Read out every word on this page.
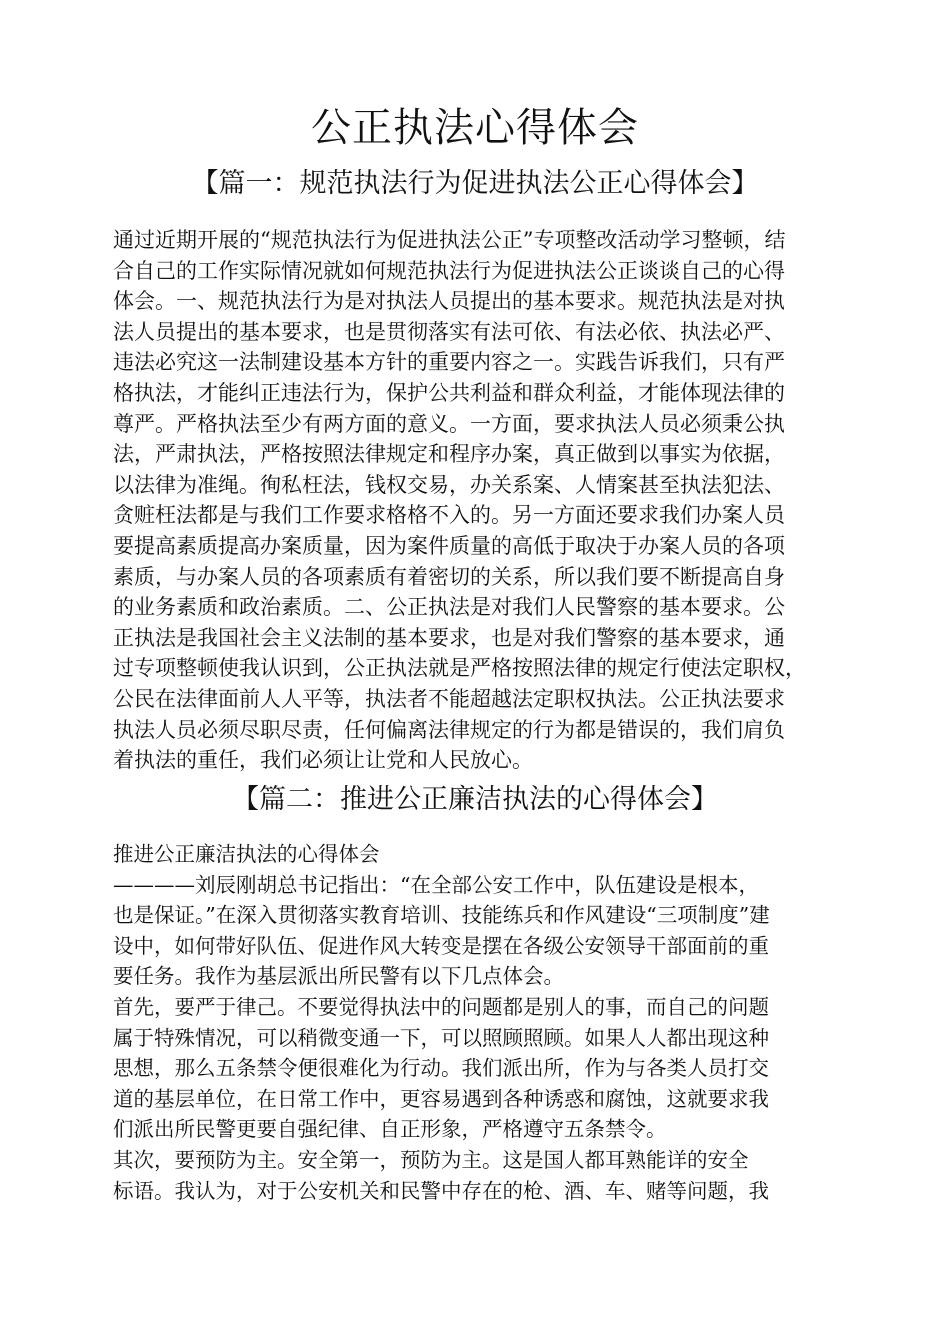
公正执法心得体会
【篇一：规范执法行为促进执法公正心得体会】
通过近期开展的“规范执法行为促进执法公正”专项整改活动学习整顿，结
合自己的工作实际情况就如何规范执法行为促进执法公正谈谈自己的心得
体会。一、规范执法行为是对执法人员提出的基本要求。规范执法是对执
法人员提出的基本要求，也是贯彻落实有法可依、有法必依、执法必严、
违法必究这一法制建设基本方针的重要内容之一。实践告诉我们，只有严
格执法，才能纠正违法行为，保护公共利益和群众利益，才能体现法律的
尊严。严格执法至少有两方面的意义。一方面，要求执法人员必须秉公执
法，严肃执法，严格按照法律规定和程序办案，真正做到以事实为依据，
以法律为准绳。徇私枉法，钱权交易，办关系案、人情案甚至执法犯法、
贪赃枉法都是与我们工作要求格格不入的。另一方面还要求我们办案人员
要提高素质提高办案质量，因为案件质量的高低于取决于办案人员的各项
素质，与办案人员的各项素质有着密切的关系，所以我们要不断提高自身
的业务素质和政治素质。二、公正执法是对我们人民警察的基本要求。公
正执法是我国社会主义法制的基本要求，也是对我们警察的基本要求，通
过专项整顿使我认识到，公正执法就是严格按照法律的规定行使法定职权，
公民在法律面前人人平等，执法者不能超越法定职权执法。公正执法要求
执法人员必须尽职尽责，任何偏离法律规定的行为都是错误的，我们肩负
着执法的重任，我们必须让让党和人民放心。
【篇二：推进公正廉洁执法的心得体会】
推进公正廉洁执法的心得体会
————刘辰刚胡总书记指出：“在全部公安工作中，队伍建设是根本，
也是保证。”在深入贯彻落实教育培训、技能练兵和作风建设“三项制度”建
设中，如何带好队伍、促进作风大转变是摆在各级公安领导干部面前的重
要任务。我作为基层派出所民警有以下几点体会。
首先，要严于律己。不要觉得执法中的问题都是别人的事，而自己的问题
属于特殊情况，可以稍微变通一下，可以照顾照顾。如果人人都出现这种
思想，那么五条禁令便很难化为行动。我们派出所，作为与各类人员打交
道的基层单位，在日常工作中，更容易遇到各种诱惑和腐蚀，这就要求我
们派出所民警更要自强纪律、自正形象，严格遵守五条禁令。
其次，要预防为主。安全第一，预防为主。这是国人都耳熟能详的安全
标语。我认为，对于公安机关和民警中存在的枪、酒、车、赌等问题，我
